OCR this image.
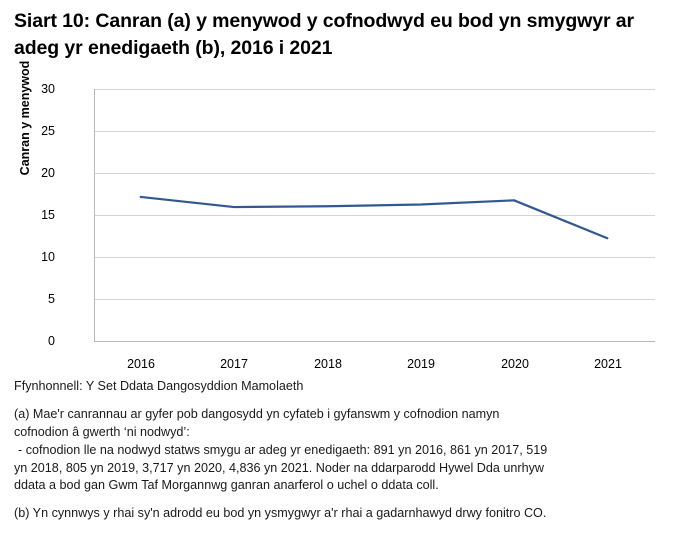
Siart 10: Canran (a) y menywod y cofnodwyd eu bod yn smygwyr ar adeg yr enedigaeth (b), 2016 i 2021
Canran y menywod 30
25
20
15
10
5
0
2016	2017	2018	2019	2020	2021

Ffynhonnell: Y Set Ddata Dangosyddion Mamolaeth

(a) Mae'r canrannau ar gyfer pob dangosydd yn cyfateb i gyfanswm y cofnodion namyn

cofnodion â gwerth ‘ni nodwyd’:

- cofnodion lle na nodwyd statws smygu ar adeg yr enedigaeth: 891 yn 2016, 861 yn 2017, 519

yn 2018, 805 yn 2019, 3,717 yn 2020, 4,836 yn 2021. Noder na ddarparodd Hywel Dda unrhyw

ddata a bod gan Gwm Taf Morgannwg ganran anarferol o uchel o ddata coll.

(b) Yn cynnwys y rhai sy'n adrodd eu bod yn ysmygwyr a'r rhai a gadarnhawyd drwy fonitro CO.
